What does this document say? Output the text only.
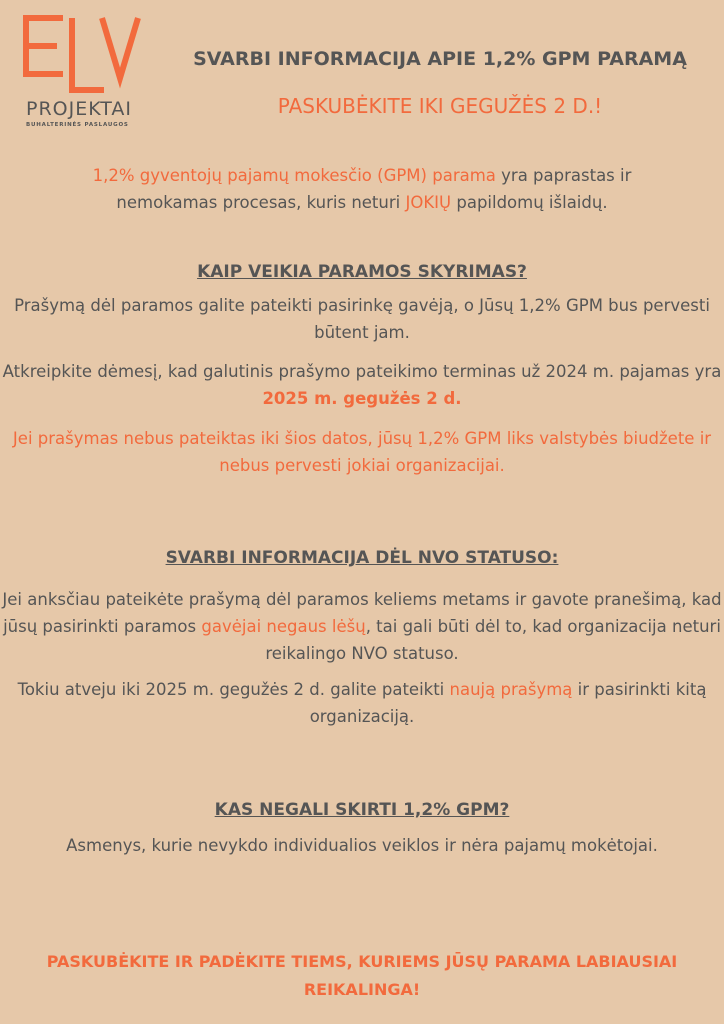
PROJEKTAI
BUHALTERINĖS PASLAUGOS
SVARBI INFORMACIJA APIE 1,2% GPM PARAMĄ
PASKUBĖKITE IKI GEGUŽĖS 2 D.!
1,2% gyventojų pajamų mokesčio (GPM) parama yra paprastas ir nemokamas procesas, kuris neturi JOKIŲ papildomų išlaidų.
KAIP VEIKIA PARAMOS SKYRIMAS?
Prašymą dėl paramos galite pateikti pasirinkę gavėją, o Jūsų 1,2% GPM bus pervesti būtent jam.
Atkreipkite dėmesį, kad galutinis prašymo pateikimo terminas už 2024 m. pajamas yra 2025 m. gegužės 2 d.
Jei prašymas nebus pateiktas iki šios datos, jūsų 1,2% GPM liks valstybės biudžete ir nebus pervesti jokiai organizacijai.
SVARBI INFORMACIJA DĖL NVO STATUSO:
Jei anksčiau pateikėte prašymą dėl paramos keliems metams ir gavote pranešimą, kad jūsų pasirinkti paramos gavėjai negaus lėšų, tai gali būti dėl to, kad organizacija neturi reikalingo NVO statuso.
Tokiu atveju iki 2025 m. gegužės 2 d. galite pateikti naują prašymą ir pasirinkti kitą organizaciją.
KAS NEGALI SKIRTI 1,2% GPM?
Asmenys, kurie nevykdo individualios veiklos ir nėra pajamų mokėtojai.
PASKUBĖKITE IR PADĖKITE TIEMS, KURIEMS JŪSŲ PARAMA LABIAUSIAI REIKALINGA!
